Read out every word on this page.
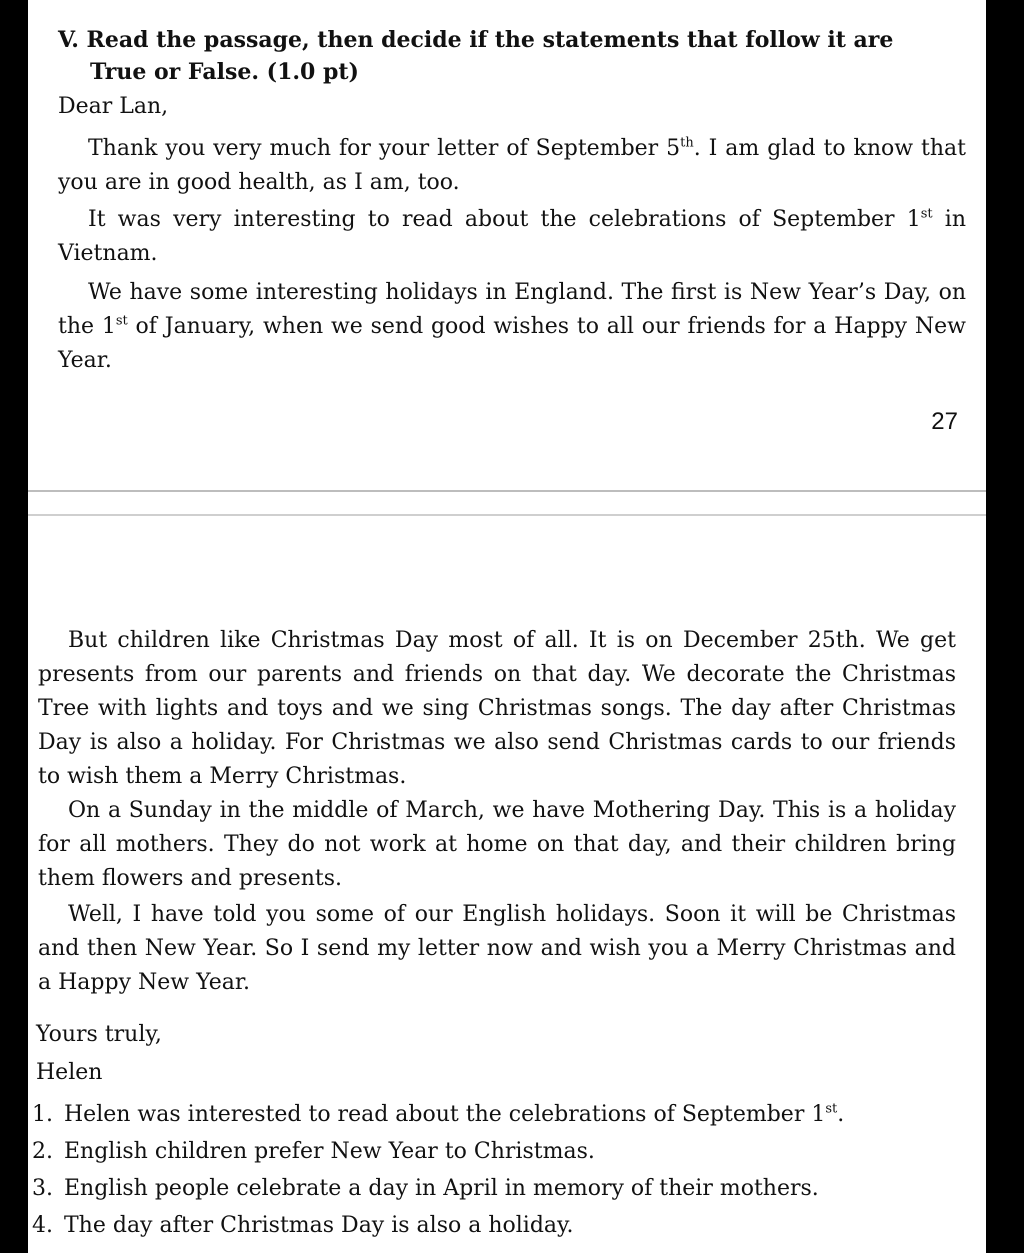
V. Read the passage, then decide if the statements that follow it are
True or False. (1.0 pt)
Dear Lan,
Thank you very much for your letter of September 5th. I am glad to know that you are in good health, as I am, too.
It was very interesting to read about the celebrations of September 1st in Vietnam.
We have some interesting holidays in England. The first is New Year’s Day, on the 1st of January, when we send good wishes to all our friends for a Happy New Year.
27
But children like Christmas Day most of all. It is on December 25th. We get presents from our parents and friends on that day. We decorate the Christmas Tree with lights and toys and we sing Christmas songs. The day after Christmas Day is also a holiday. For Christmas we also send Christmas cards to our friends to wish them a Merry Christmas.
On a Sunday in the middle of March, we have Mothering Day. This is a holiday for all mothers. They do not work at home on that day, and their children bring them flowers and presents.
Well, I have told you some of our English holidays. Soon it will be Christmas and then New Year. So I send my letter now and wish you a Merry Christmas and a Happy New Year.
Yours truly,
Helen
1. Helen was interested to read about the celebrations of September 1st.
2. English children prefer New Year to Christmas.
3. English people celebrate a day in April in memory of their mothers.
4. The day after Christmas Day is also a holiday.
